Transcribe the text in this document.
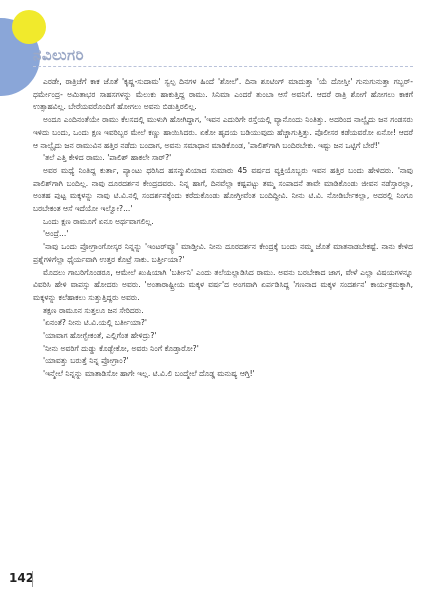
ನವಿಲುಗರಿ

ಎರಡೇ, ರಾತ್ರಿಚೆಗೆ ಕಾಕ ಜೊತೆ 'ಕೃಷ್ಣ-ಸುದಾಮ' ಸ್ವಲ್ಪ ದಿನಗಳ ಹಿಂದೆ 'ಶೋಲೆ'. ದಿನಾ ಶೂಟಿಂಗ್‌ ಮಾದುತ್ತಾ 'ಯೆ ದೋಸ್ತೀ' ಗುನುಗುನುತ್ತಾ ಗಬ್ಬರ್‌- ಧರ್ಮೇಂದ್ರ- ಅಮಿತಾಭರ ಸಾಹಸಗಳನ್ನು ಮೆಲುಕು ಹಾಕುತ್ತಿದ್ದ ರಾಮು. ಸಿನಿಮಾ ಎಂದರೆ ತುಂಬಾ ಆಸೆ ಅವನಿಗೆ. ಆದರೆ ರಾತ್ರಿ ಶೋಗೆ ಹೋಗಲು ಕಾಕಗೆ ಉತ್ಸಾಹವಿಲ್ಲ. ಬೇರೆಯವರೊಂದಿಗೆ ಹೋಗಲು ಅವನು ಬಿಡುತ್ತಿರಲಿಲ್ಲ.

ಅಂದೂ ಎಂದಿನಂತೆಯೇ ರಾಮು ಕೆಲಸದಲ್ಲಿ ಮುಳುಗಿ ಹೋಗಿದ್ದಾಗ, 'ಇವನ ಎದುರಿಗೇ ರಸ್ತೆಯಲ್ಲಿ ವ್ಯಾನೊಂದು ನಿಂತಿತ್ತು. ಅದರಿಂದ ನಾಲ್ವೈದು ಜನ ಗಂಡಸರು ಇಳಿದು ಬಂದು, ಒಂದು ಕ್ಷಣ ಇವರಿಬ್ಬರ ಮೇಲೆ ಕಣ್ಣು ಹಾಯಿಸಿದರು. ಏಕೋ ಹೃದಯ ಬಡಿಯುವುದು ಹೆಚ್ಚಾಗುತ್ತಿತ್ತು. ಪೊಲೀಸರ ಕಡೆಯವರೋ ಏನೋ! ಆದರೆ ಆ ನಾಲ್ವೈದು ಜನ ರಾಮುವಿನ ಹತ್ತಿರ ನಡೆದು ಬಂದಾಗ, ಅವನು ಸಮಾಧಾನ ಮಾಡಿಕೊಂಡ, 'ಪಾಲಿಶ್‌ಗಾಗಿ ಬಂದಿರಬೇಕು. ಇಷ್ಟು ಜನ ಒಟ್ಟಿಗೆ ಬೇರೆ!'

'ತಲೆ ಎತ್ತಿ ಕೇಳಿದ ರಾಮು. 'ಪಾಲಿಶ್‌ ಹಾಕಲೇ ಸಾರ್‌?'

ಅವರ ಮಧ್ಯೆ ನಿಂತಿದ್ದ ಕುರ್ತಾ, ಪ್ಯಾಂಟು ಧರಿಸಿದ ಹಸನ್ಮುಖಿಯಾದ ಸುಮಾರು 45 ವರ್ಷದ ವ್ಯಕ್ತಿಯೊಬ್ಬರು ಇವನ ಹತ್ತಿರ ಬಂದು ಹೇಳಿದರು. 'ನಾವು ಪಾಲಿಶ್‌ಗಾಗಿ ಬಂದಿಲ್ಲ. ನಾವು ದೂರದರ್ಶನ ಕೇಂದ್ರದವರು. ನಿನ್ನ ಹಾಗೆ, ದಿನವೆಲ್ಲಾ ಕಷ್ಟಪಟ್ಟು ತಮ್ಮ ಸಂಪಾದನೆ ತಾವೇ ಮಾಡಿಕೊಂಡು ಜೀವನ ನಡೆಸ್ತಾರಲ್ಲಾ, ಅಂತಹ ಪುಟ್ಟ ಮಕ್ಕಳನ್ನು ನಾವು ಟಿ.ವಿ.ನಲ್ಲಿ ಸಂದರ್ಶನಕ್ಕೆಂದು ಕರೆದುಕೊಂಡು ಹೋಗ್ತೀವೆಂತ ಬಂದಿದ್ದೀವಿ. ನೀನು ಟಿ.ವಿ. ನೋಡಿರ್ಬೇಕಲ್ಲಾ, ಅದರಲ್ಲಿ ನಿಂಗೂ ಬರಬೇಕಂತ ಆಸೆ ಇದೆಯೋ ಇಲ್ವೋ?...'

ಒಂದು ಕ್ಷಣ ರಾಮೂಗೆ ಏನೂ ಅರ್ಥವಾಗಲಿಲ್ಲ.

'ಅಂದ್ರೆ...'

'ನಾವು ಒಂದು ಪ್ರೋಗ್ರಾಂಗೋಸ್ಕರ ನಿನ್ನನ್ನು 'ಇಂಟರ್‌ವ್ಯೂ' ಮಾಡ್ತೀವಿ. ನೀನು ದೂರದರ್ಶನ ಕೇಂದ್ರಕ್ಕೆ ಬಂದು ನಮ್ಮ ಜೊತೆ ಮಾತನಾಡಬೇಕಷ್ಟೆ. ನಾನು ಕೇಳಿದ ಪ್ರಶ್ನೆಗಳಿಗೆಲ್ಲಾ ಧೈರ್ಯವಾಗಿ ಉತ್ತರ ಕೊಟ್ರೆ ಸಾಕು. ಬರ್ತ್ತೀಯಾ?'

ಮೊದಲು ಗಾಬರಿಗೊಂಡರೂ, ಆಮೇಲೆ ಖುಷಿಯಾಗಿ 'ಬರ್ತೀನಿ' ಎಂದು ತಲೆಯಲ್ಲಾಡಿಸಿದ ರಾಮು. ಅವನು ಬರಬೇಕಾದ ಜಾಗ, ವೇಳೆ ಎಲ್ಲಾ ವಿಷಯಗಳನ್ನೂ ವಿವರಿಸಿ ಹೇಳಿ ವಾಪಸ್ಸು ಹೋದರು ಅವರು. 'ಅಂತಾರಾಷ್ಟ್ರೀಯ ಮಕ್ಕಳ ವರ್ಷ'ದ ಅಂಗವಾಗಿ ಏರ್ಪಡಿಸಿದ್ದ 'ಗಣನಾದ ಮಕ್ಕಳ ಸಂದರ್ಶನ' ಕಾರ್ಯಕ್ರಮಕ್ಕಾಗಿ, ಮಕ್ಕಳನ್ನು ಕಲೆಹಾಕಲು ಸುತ್ತುತ್ತಿದ್ದರು ಅವರು.

ತಕ್ಷಣ ರಾಮೂನ ಸುತ್ತಲೂ ಜನ ಸೇರಿದರು.

'ಏನಂತೆ? ನೀನು ಟಿ.ವಿ.ಯಲ್ಲಿ ಬರ್ತೀಯಾ?'

'ಯಾವಾಗ ಹೋಗ್ಬೇಕಂತೆ, ಎಲ್ಲಿಗೆಂತ ಹೇಳಿದ್ರು?'

'ನೀನು ಅವರಿಗೆ ದುಡ್ಡು ಕೊಡ್ಬೇಕೋ, ಅವರು ನಿಂಗೆ ಕೊಡ್ತಾರೋ?'

'ಯಾವತ್ತು ಬರುತ್ತೆ ನಿನ್ನ ಪ್ರೋಗ್ರಾಂ?'

'ಇನ್ಮೇಲೆ ನಿನ್ನನ್ನು ಮಾತಾಡಿಸೋ ಹಾಗೇ ಇಲ್ಲ. ಟಿ.ವಿ.ಲಿ ಬಂದ್ಮೇಲೆ ದೊಡ್ಡ ಮನುಷ್ಯ ಆಗ್ತಿ!'

142
